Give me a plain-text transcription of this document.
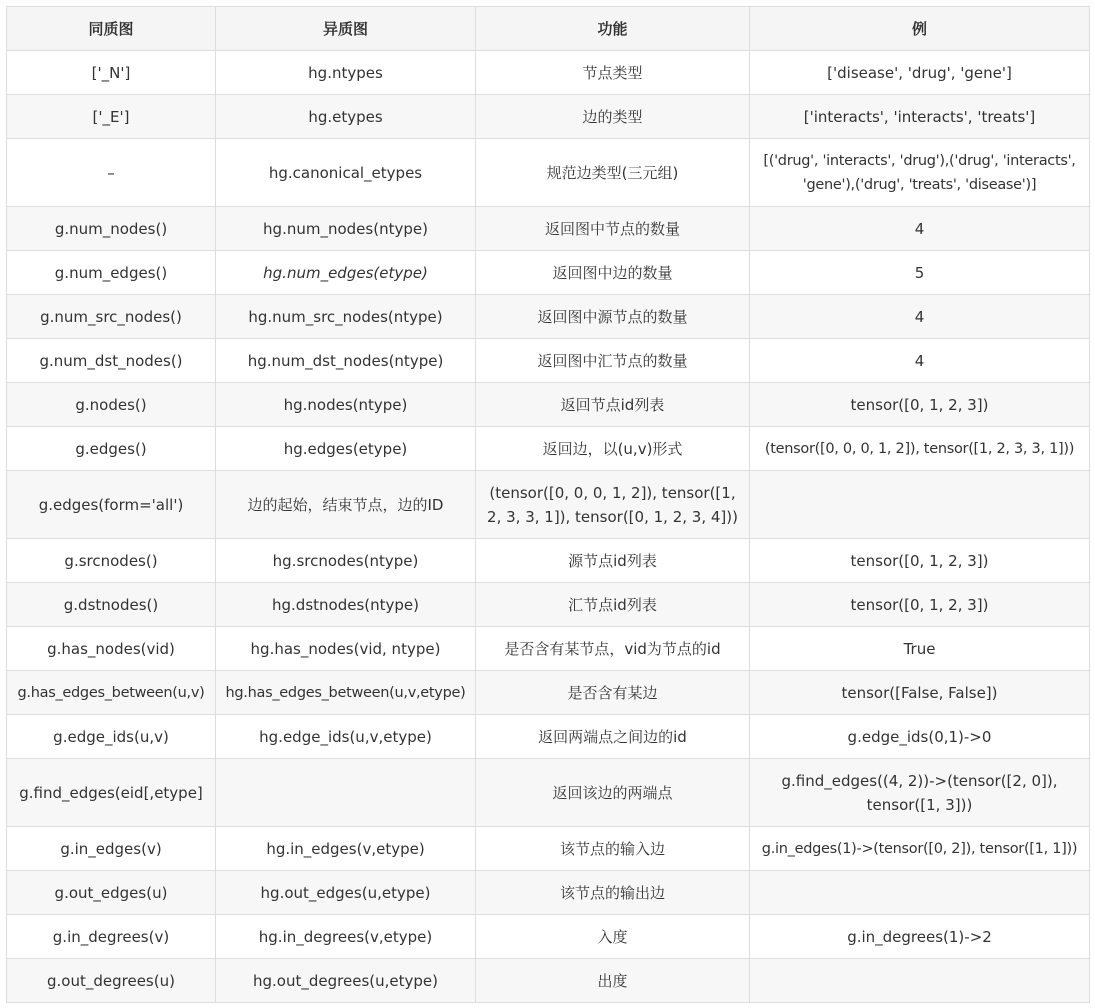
同质图	异质图	功能	例
['_N']	hg.ntypes	节点类型	['disease', 'drug', 'gene']
['_E']	hg.etypes	边的类型	['interacts', 'interacts', 'treats']
–	hg.canonical_etypes	规范边类型(三元组)	[('drug', 'interacts', 'drug'),('drug', 'interacts', 'gene'),('drug', 'treats', 'disease')]
g.num_nodes()	hg.num_nodes(ntype)	返回图中节点的数量	4
g.num_edges()	hg.num_edges(etype)	返回图中边的数量	5
g.num_src_nodes()	hg.num_src_nodes(ntype)	返回图中源节点的数量	4
g.num_dst_nodes()	hg.num_dst_nodes(ntype)	返回图中汇节点的数量	4
g.nodes()	hg.nodes(ntype)	返回节点id列表	tensor([0, 1, 2, 3])
g.edges()	hg.edges(etype)	返回边，以(u,v)形式	(tensor([0, 0, 0, 1, 2]), tensor([1, 2, 3, 3, 1]))
g.edges(form='all')	边的起始，结束节点，边的ID	(tensor([0, 0, 0, 1, 2]), tensor([1, 2, 3, 3, 1]), tensor([0, 1, 2, 3, 4]))	
g.srcnodes()	hg.srcnodes(ntype)	源节点id列表	tensor([0, 1, 2, 3])
g.dstnodes()	hg.dstnodes(ntype)	汇节点id列表	tensor([0, 1, 2, 3])
g.has_nodes(vid)	hg.has_nodes(vid, ntype)	是否含有某节点，vid为节点的id	True
g.has_edges_between(u,v)	hg.has_edges_between(u,v,etype)	是否含有某边	tensor([False, False])
g.edge_ids(u,v)	hg.edge_ids(u,v,etype)	返回两端点之间边的id	g.edge_ids(0,1)->0
g.find_edges(eid[,etype]		返回该边的两端点	g.find_edges((4, 2))->(tensor([2, 0]), tensor([1, 3]))
g.in_edges(v)	hg.in_edges(v,etype)	该节点的输入边	g.in_edges(1)->(tensor([0, 2]), tensor([1, 1]))
g.out_edges(u)	hg.out_edges(u,etype)	该节点的输出边	
g.in_degrees(v)	hg.in_degrees(v,etype)	入度	g.in_degrees(1)->2
g.out_degrees(u)	hg.out_degrees(u,etype)	出度	
